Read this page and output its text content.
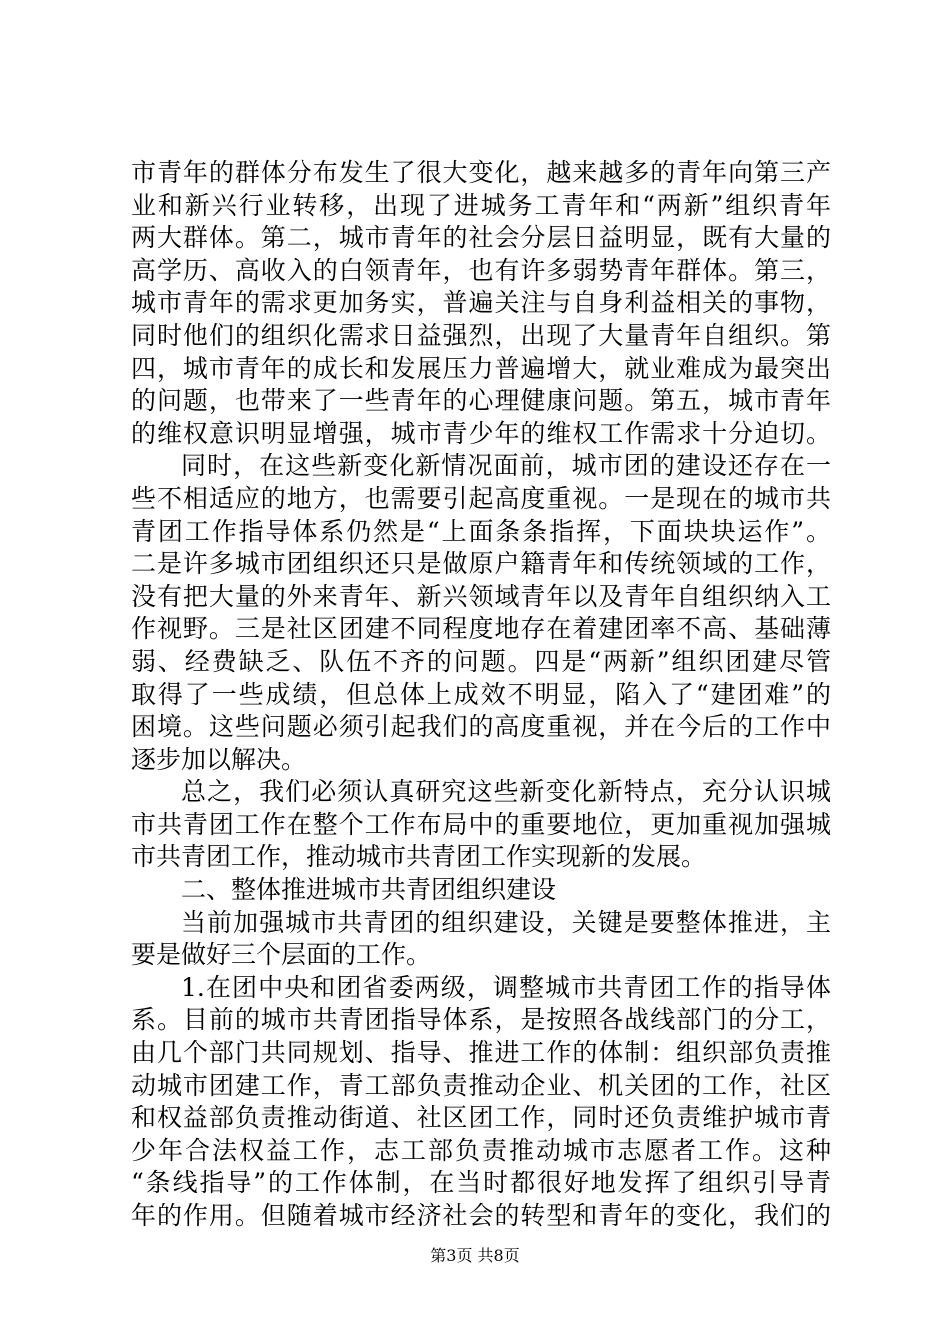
市青年的群体分布发生了很大变化，越来越多的青年向第三产
业和新兴行业转移，出现了进城务工青年和“两新”组织青年
两大群体。第二，城市青年的社会分层日益明显，既有大量的
高学历、高收入的白领青年，也有许多弱势青年群体。第三，
城市青年的需求更加务实，普遍关注与自身利益相关的事物，
同时他们的组织化需求日益强烈，出现了大量青年自组织。第
四，城市青年的成长和发展压力普遍增大，就业难成为最突出
的问题，也带来了一些青年的心理健康问题。第五，城市青年
的维权意识明显增强，城市青少年的维权工作需求十分迫切。
同时，在这些新变化新情况面前，城市团的建设还存在一
些不相适应的地方，也需要引起高度重视。一是现在的城市共
青团工作指导体系仍然是“上面条条指挥，下面块块运作”。
二是许多城市团组织还只是做原户籍青年和传统领域的工作，
没有把大量的外来青年、新兴领域青年以及青年自组织纳入工
作视野。三是社区团建不同程度地存在着建团率不高、基础薄
弱、经费缺乏、队伍不齐的问题。四是“两新”组织团建尽管
取得了一些成绩，但总体上成效不明显，陷入了“建团难”的
困境。这些问题必须引起我们的高度重视，并在今后的工作中
逐步加以解决。
总之，我们必须认真研究这些新变化新特点，充分认识城
市共青团工作在整个工作布局中的重要地位，更加重视加强城
市共青团工作，推动城市共青团工作实现新的发展。
二、整体推进城市共青团组织建设
当前加强城市共青团的组织建设，关键是要整体推进，主
要是做好三个层面的工作。
1.在团中央和团省委两级，调整城市共青团工作的指导体
系。目前的城市共青团指导体系，是按照各战线部门的分工，
由几个部门共同规划、指导、推进工作的体制：组织部负责推
动城市团建工作，青工部负责推动企业、机关团的工作，社区
和权益部负责推动街道、社区团工作，同时还负责维护城市青
少年合法权益工作，志工部负责推动城市志愿者工作。这种
“条线指导”的工作体制，在当时都很好地发挥了组织引导青
年的作用。但随着城市经济社会的转型和青年的变化，我们的
第3页 共8页
